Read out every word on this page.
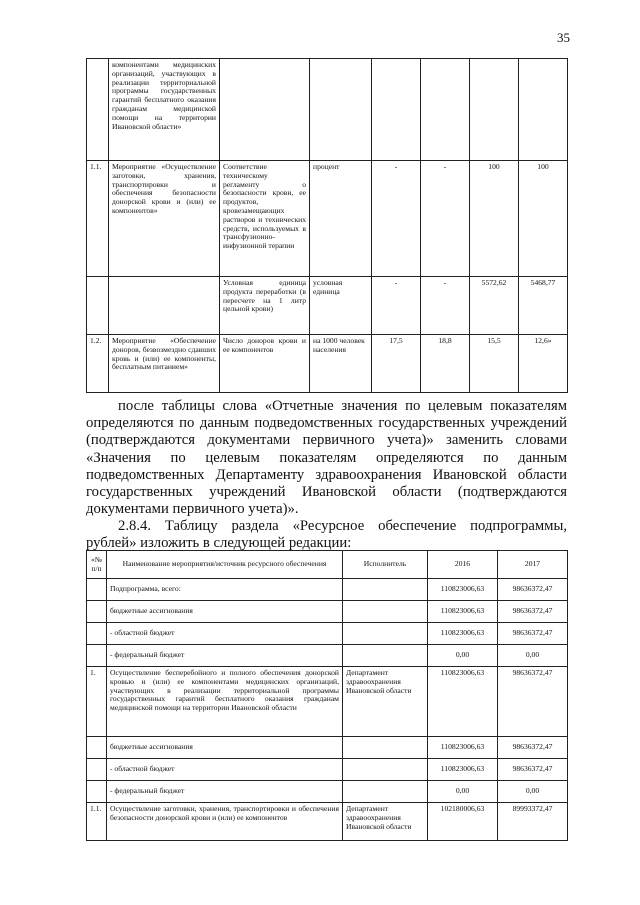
35
	компонентами медицинских организаций, участвующих в реализации территориальной программы государственных гарантий бесплатного оказания гражданам медицинской помощи на территории Ивановской области»						
1.1.	Мероприятие «Осуществление заготовки, хранения, транспортировки и обеспечения безопасности донорской крови и (или) ее компонентов»	Соответствие техническому регламенту о безопасности крови, ее продуктов, кровезамещающих растворов и технических средств, используемых в трансфузионно-инфузионной терапии	процент	-	-	100	100
		Условная единица продукта переработки (в пересчете на 1 литр цельной крови)	условная единица	-	-	5572,62	5468,77
1.2.	Мероприятие «Обеспечение доноров, безвозмездно сдавших кровь и (или) ее компоненты, бесплатным питанием»	Число доноров крови и ее компонентов	на 1000 человек населения	17,5	18,8	15,5	12,6»

после таблицы слова «Отчетные значения по целевым показателям определяются по данным подведомственных государственных учреждений (подтверждаются документами первичного учета)» заменить словами «Значения по целевым показателям определяются по данным подведомственных Департаменту здравоохранения Ивановской области государственных учреждений Ивановской области (подтверждаются документами первичного учета)».

2.8.4. Таблицу раздела «Ресурсное обеспечение подпрограммы, рублей» изложить в следующей редакции:

«№ п/п	Наименование мероприятия/источник ресурсного обеспечения	Исполнитель	2016	2017
	Подпрограмма, всего:		110823006,63	98636372,47
	бюджетные ассигнования		110823006,63	98636372,47
	- областной бюджет		110823006,63	98636372,47
	- федеральный бюджет		0,00	0,00
1.	Осуществление бесперебойного и полного обеспечения донорской кровью и (или) ее компонентами медицинских организаций, участвующих в реализации территориальной программы государственных гарантий бесплатного оказания гражданам медицинской помощи на территории Ивановской области	Департамент здравоохранения Ивановской области	110823006,63	98636372,47
	бюджетные ассигнования		110823006,63	98636372,47
	- областной бюджет		110823006,63	98636372,47
	- федеральный бюджет		0,00	0,00
1.1.	Осуществление заготовки, хранения, транспортировки и обеспечения безопасности донорской крови и (или) ее компонентов	Департамент здравоохранения Ивановской области	102180006,63	89993372,47
